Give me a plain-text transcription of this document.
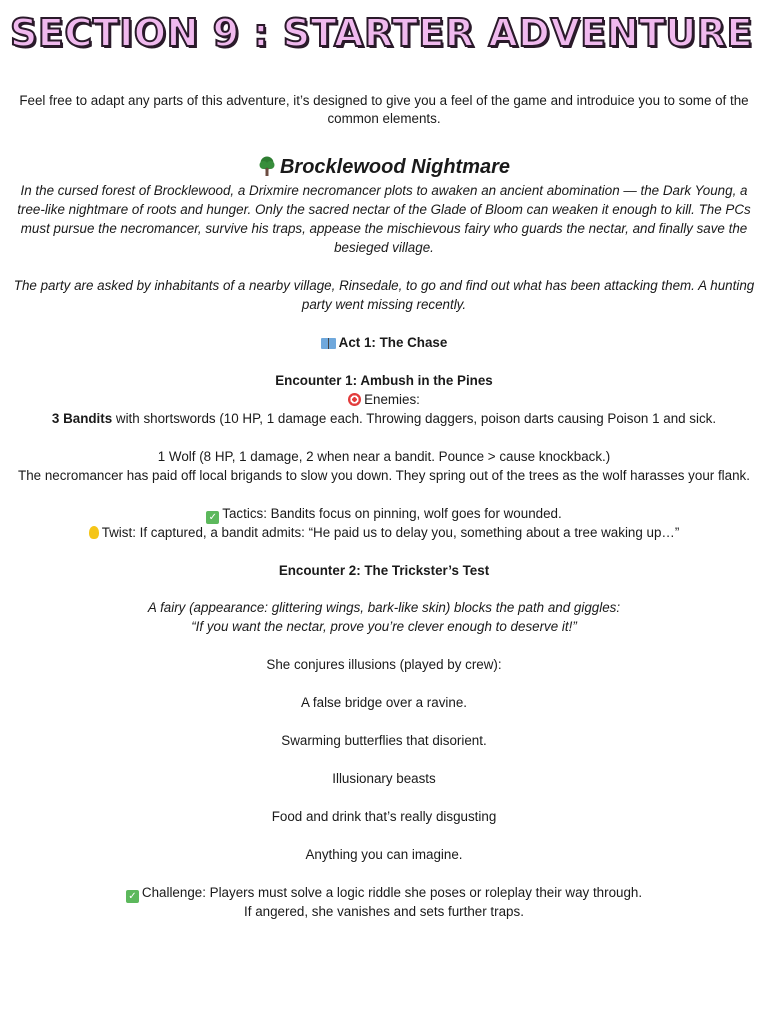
SECTION 9 : STARTER ADVENTURE

Feel free to adapt any parts of this adventure, it’s designed to give you a feel of the game and introduice you to some of the common elements.

Brocklewood Nightmare

In the cursed forest of Brocklewood, a Drixmire necromancer plots to awaken an ancient abomination — the Dark Young, a tree-like nightmare of roots and hunger. Only the sacred nectar of the Glade of Bloom can weaken it enough to kill. The PCs must pursue the necromancer, survive his traps, appease the mischievous fairy who guards the nectar, and finally save the besieged village.

The party are asked by inhabitants of a nearby village, Rinsedale, to go and find out what has been attacking them. A hunting party went missing recently.

Act 1: The Chase
Encounter 1: Ambush in the Pines
Enemies:
3 Bandits with shortswords (10 HP, 1 damage each. Throwing daggers, poison darts causing Poison 1 and sick.
1 Wolf (8 HP, 1 damage, 2 when near a bandit. Pounce > cause knockback.)

The necromancer has paid off local brigands to slow you down. They spring out of the trees as the wolf harasses your flank.

✓ Tactics: Bandits focus on pinning, wolf goes for wounded.
Twist: If captured, a bandit admits: “He paid us to delay you, something about a tree waking up…”
Encounter 2: The Trickster’s Test
A fairy (appearance: glittering wings, bark-like skin) blocks the path and giggles:
“If you want the nectar, prove you’re clever enough to deserve it!”
She conjures illusions (played by crew):
A false bridge over a ravine.
Swarming butterflies that disorient.
Illusionary beasts
Food and drink that’s really disgusting
Anything you can imagine.
✓ Challenge: Players must solve a logic riddle she poses or roleplay their way through.
If angered, she vanishes and sets further traps.
